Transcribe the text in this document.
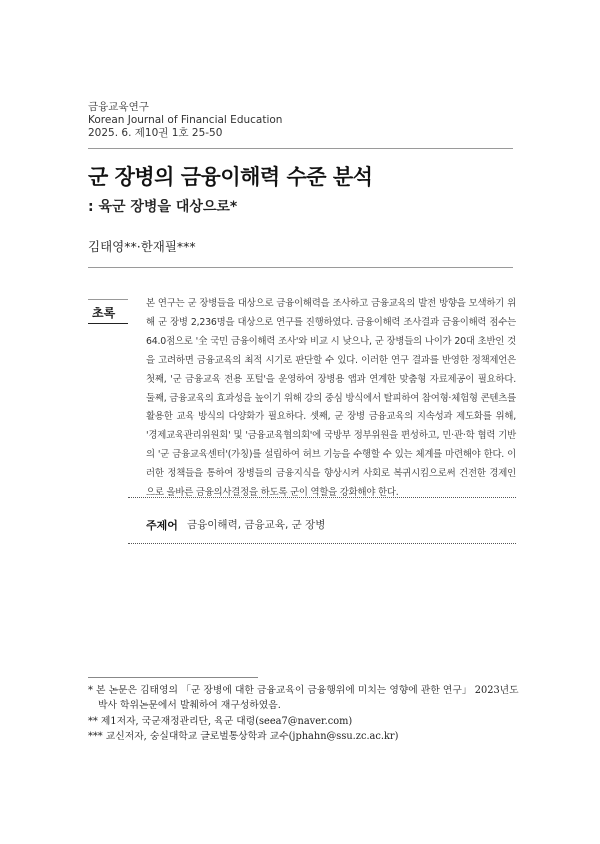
금융교육연구
Korean Journal of Financial Education
2025. 6. 제10권 1호 25-50
군 장병의 금융이해력 수준 분석
: 육군 장병을 대상으로*
김태영**·한재필***
초록
본 연구는 군 장병들을 대상으로 금융이해력을 조사하고 금융교육의 발전 방향을 모색하기 위해 군 장병 2,236명을 대상으로 연구를 진행하였다. 금융이해력 조사결과 금융이해력 점수는 64.0점으로 '全 국민 금융이해력 조사'와 비교 시 낮으나, 군 장병들의 나이가 20대 초반인 것을 고려하면 금융교육의 최적 시기로 판단할 수 있다. 이러한 연구 결과를 반영한 정책제언은 첫째, '군 금융교육 전용 포털'을 운영하여 장병용 앱과 연계한 맞춤형 자료제공이 필요하다. 둘째, 금융교육의 효과성을 높이기 위해 강의 중심 방식에서 탈피하여 참여형·체험형 콘텐츠를 활용한 교육 방식의 다양화가 필요하다. 셋째, 군 장병 금융교육의 지속성과 제도화를 위해, '경제교육관리위원회' 및 '금융교육협의회'에 국방부 정부위원을 편성하고, 민·관·학 협력 기반의 '군 금융교육센터'(가칭)를 설립하여 허브 기능을 수행할 수 있는 체계를 마련해야 한다. 이러한 정책들을 통하여 장병들의 금융지식을 향상시켜 사회로 복귀시킴으로써 건전한 경제인으로 올바른 금융의사결정을 하도록 군이 역할을 강화해야 한다.
주제어 금융이해력, 금융교육, 군 장병
* 본 논문은 김태영의 「군 장병에 대한 금융교육이 금융행위에 미치는 영향에 관한 연구」 2023년도
박사 학위논문에서 발췌하여 재구성하였음.
** 제1저자, 국군재정관리단, 육군 대령(seea7@naver.com)
*** 교신저자, 숭실대학교 글로벌통상학과 교수(jphahn@ssu.zc.ac.kr)
